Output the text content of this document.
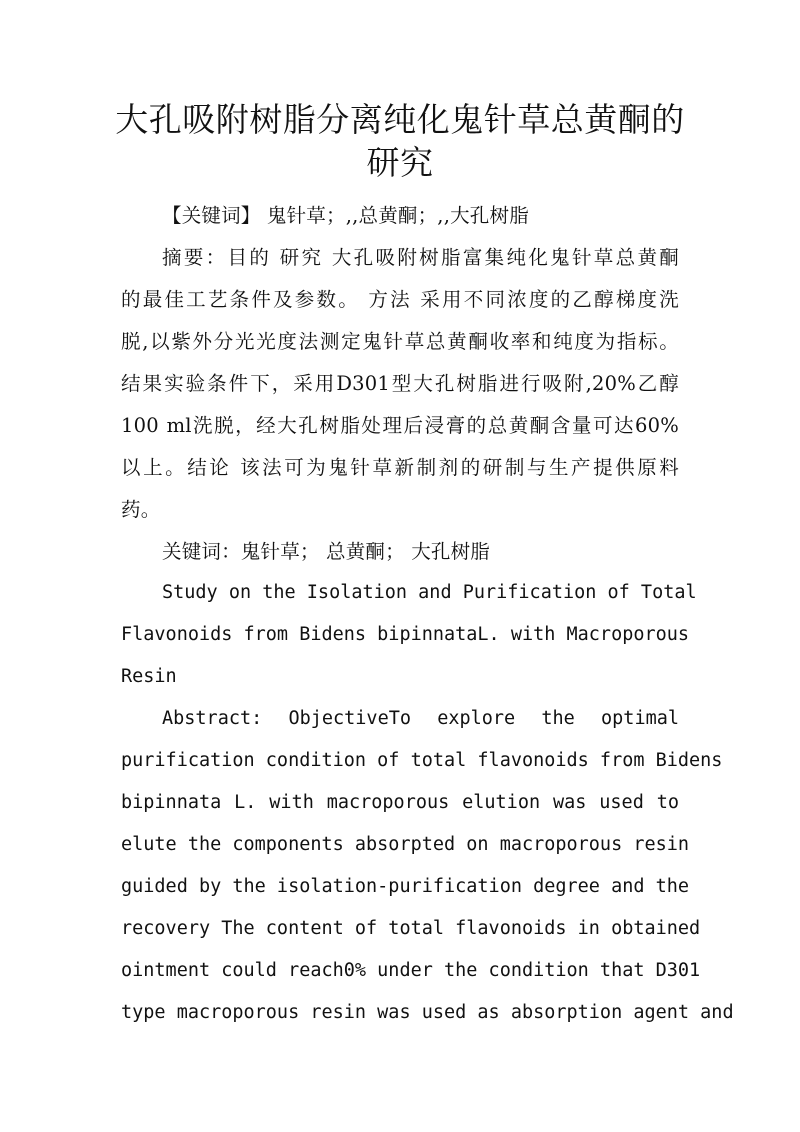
大孔吸附树脂分离纯化鬼针草总黄酮的
研究
【关键词】 鬼针草；,,总黄酮；,,大孔树脂
摘要：目的 研究 大孔吸附树脂富集纯化鬼针草总黄酮
的最佳工艺条件及参数。 方法 采用不同浓度的乙醇梯度洗
脱,以紫外分光光度法测定鬼针草总黄酮收率和纯度为指标。
结果实验条件下，采用D301型大孔树脂进行吸附,20%乙醇
100 ml洗脱，经大孔树脂处理后浸膏的总黄酮含量可达60%
以上。结论 该法可为鬼针草新制剂的研制与生产提供原料
药。
关键词：鬼针草； 总黄酮； 大孔树脂
Study on the Isolation and Purification of Total
Flavonoids from Bidens bipinnataL. with Macroporous
Resin
Abstract: ObjectiveTo explore the optimal
purification condition of total flavonoids from Bidens
bipinnata L. with macroporous elution was used to
elute the components absorpted on macroporous resin
guided by the isolation-purification degree and the
recovery The content of total flavonoids in obtained
ointment could reach0% under the condition that D301
type macroporous resin was used as absorption agent and
